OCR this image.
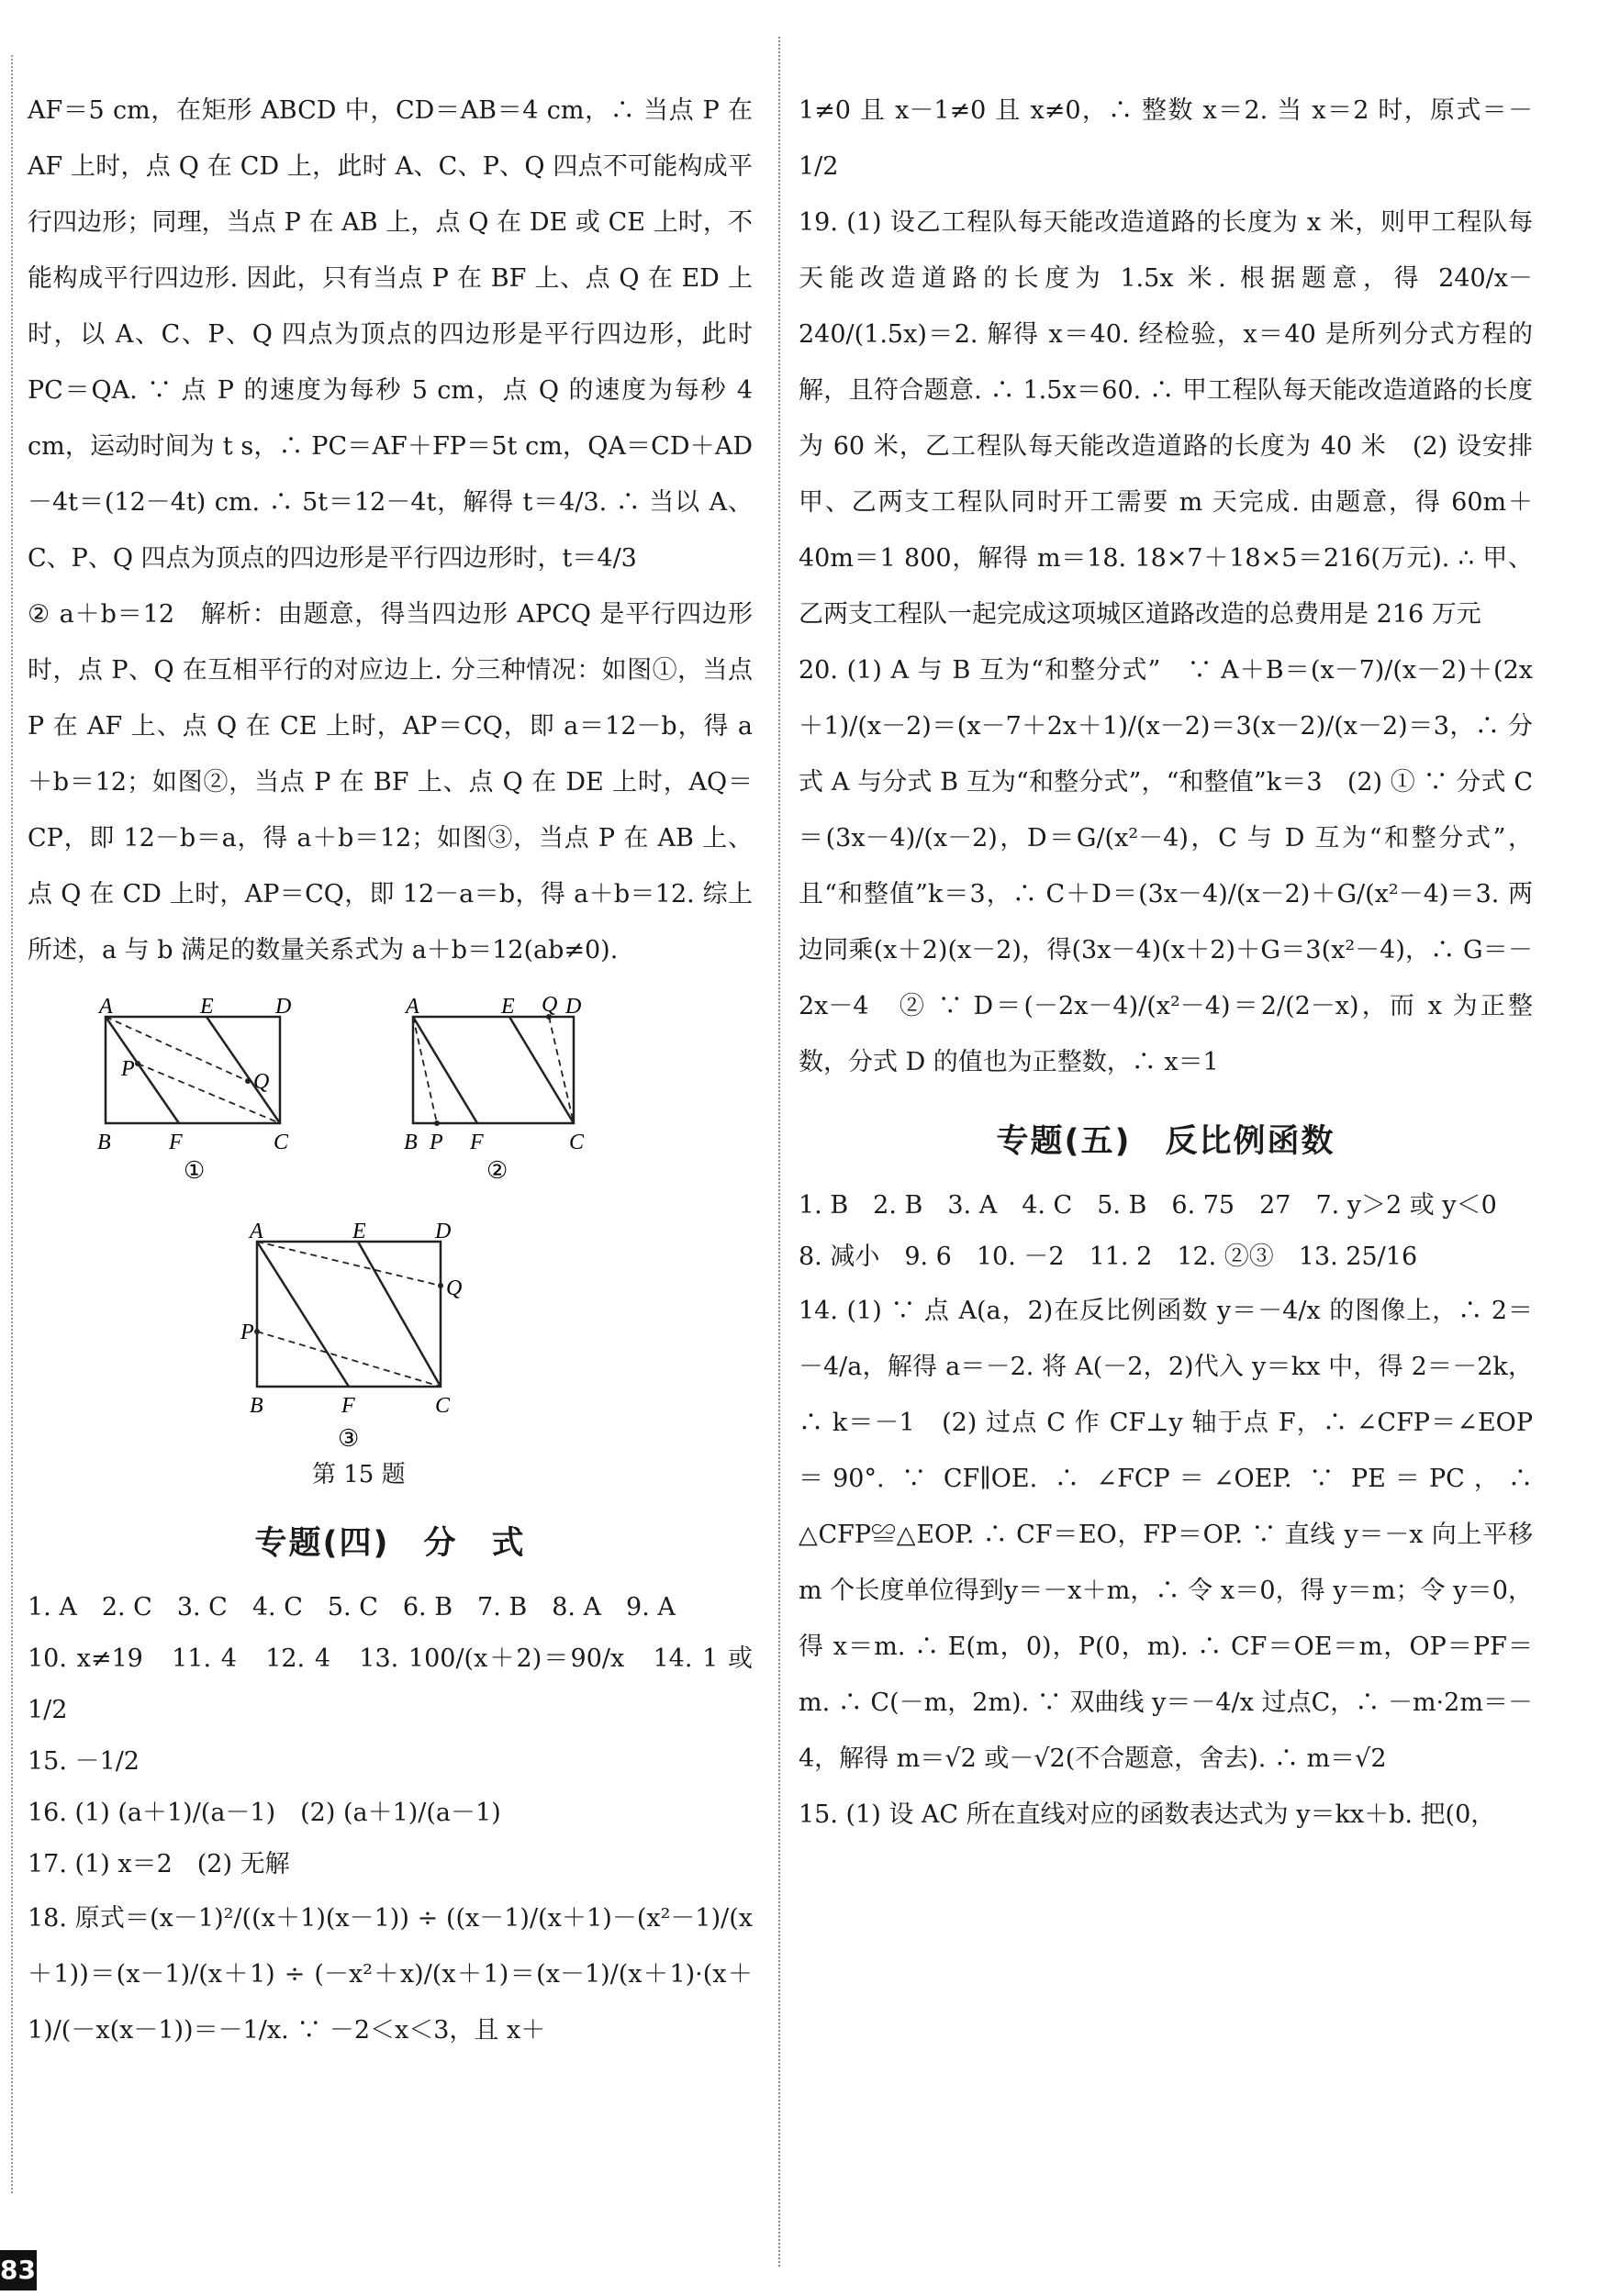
AF＝5 cm，在矩形 ABCD 中，CD＝AB＝4 cm，∴ 当点 P 在 AF 上时，点 Q 在 CD 上，此时 A、C、P、Q 四点不可能构成平行四边形；同理，当点 P 在 AB 上，点 Q 在 DE 或 CE 上时，不能构成平行四边形. 因此，只有当点 P 在 BF 上、点 Q 在 ED 上时，以 A、C、P、Q 四点为顶点的四边形是平行四边形，此时 PC＝QA. ∵ 点 P 的速度为每秒 5 cm，点 Q 的速度为每秒 4 cm，运动时间为 t s，∴ PC＝AF＋FP＝5t cm，QA＝CD＋AD－4t＝(12－4t) cm. ∴ 5t＝12－4t，解得 t＝4/3. ∴ 当以 A、C、P、Q 四点为顶点的四边形是平行四边形时，t＝4/3

② a＋b＝12　解析：由题意，得当四边形 APCQ 是平行四边形时，点 P、Q 在互相平行的对应边上. 分三种情况：如图①，当点 P 在 AF 上、点 Q 在 CE 上时，AP＝CQ，即 a＝12－b，得 a＋b＝12；如图②，当点 P 在 BF 上、点 Q 在 DE 上时，AQ＝CP，即 12－b＝a，得 a＋b＝12；如图③，当点 P 在 AB 上、点 Q 在 CD 上时，AP＝CQ，即 12－a＝b，得 a＋b＝12. 综上所述，a 与 b 满足的数量关系式为 a＋b＝12(ab≠0).

A	E	D
Q
P
B	F	C
①
A	E Q D
B P F	C
②
A	E	D
Q
P
B	F	C
③
第 15 题
专题(四)　分　式

1. A　2. C　3. C　4. C　5. C　6. B　7. B　8. A　9. A

10. x≠19　11. 4　12. 4　13. 100/(x＋2)＝90/x　14. 1 或 1/2

15. －1/2

16. (1) (a＋1)/(a－1)　(2) (a＋1)/(a－1)

17. (1) x＝2　(2) 无解

18. 原式＝(x－1)²/((x＋1)(x－1)) ÷ ((x－1)/(x＋1)－(x²－1)/(x＋1))＝(x－1)/(x＋1) ÷ (－x²＋x)/(x＋1)＝(x－1)/(x＋1)·(x＋1)/(－x(x－1))＝－1/x. ∵ －2＜x＜3，且 x＋

1≠0 且 x－1≠0 且 x≠0，∴ 整数 x＝2. 当 x＝2 时，原式＝－1/2

19. (1) 设乙工程队每天能改造道路的长度为 x 米，则甲工程队每天能改造道路的长度为 1.5x 米. 根据题意，得 240/x－240/(1.5x)＝2. 解得 x＝40. 经检验，x＝40 是所列分式方程的解，且符合题意. ∴ 1.5x＝60. ∴ 甲工程队每天能改造道路的长度为 60 米，乙工程队每天能改造道路的长度为 40 米　(2) 设安排甲、乙两支工程队同时开工需要 m 天完成. 由题意，得 60m＋40m＝1 800，解得 m＝18. 18×7＋18×5＝216(万元). ∴ 甲、乙两支工程队一起完成这项城区道路改造的总费用是 216 万元

20. (1) A 与 B 互为“和整分式”　∵ A＋B＝(x－7)/(x－2)＋(2x＋1)/(x－2)＝(x－7＋2x＋1)/(x－2)＝3(x－2)/(x－2)＝3，∴ 分式 A 与分式 B 互为“和整分式”，“和整值”k＝3　(2) ① ∵ 分式 C＝(3x－4)/(x－2)，D＝G/(x²－4)，C 与 D 互为“和整分式”，且“和整值”k＝3，∴ C＋D＝(3x－4)/(x－2)＋G/(x²－4)＝3. 两边同乘(x＋2)(x－2)，得(3x－4)(x＋2)＋G＝3(x²－4)，∴ G＝－2x－4　② ∵ D＝(－2x－4)/(x²－4)＝2/(2－x)，而 x 为正整数，分式 D 的值也为正整数，∴ x＝1

专题(五)　反比例函数

1. B　2. B　3. A　4. C　5. B　6. 75　27　7. y＞2 或 y＜0

8. 减小　9. 6　10. －2　11. 2　12. ②③　13. 25/16

14. (1) ∵ 点 A(a，2)在反比例函数 y＝－4/x 的图像上，∴ 2＝－4/a，解得 a＝－2. 将 A(－2，2)代入 y＝kx 中，得 2＝－2k，∴ k＝－1　(2) 过点 C 作 CF⊥y 轴于点 F，∴ ∠CFP＝∠EOP＝90°. ∵ CF∥OE. ∴ ∠FCP＝∠OEP. ∵ PE＝PC，∴ △CFP≌△EOP. ∴ CF＝EO，FP＝OP. ∵ 直线 y＝－x 向上平移m 个长度单位得到y＝－x＋m，∴ 令 x＝0，得 y＝m；令 y＝0，得 x＝m. ∴ E(m，0)，P(0，m). ∴ CF＝OE＝m，OP＝PF＝m. ∴ C(－m，2m). ∵ 双曲线 y＝－4/x 过点C，∴ －m·2m＝－4，解得 m＝√2 或－√2(不合题意，舍去). ∴ m＝√2

15. (1) 设 AC 所在直线对应的函数表达式为 y＝kx＋b. 把(0，

83
